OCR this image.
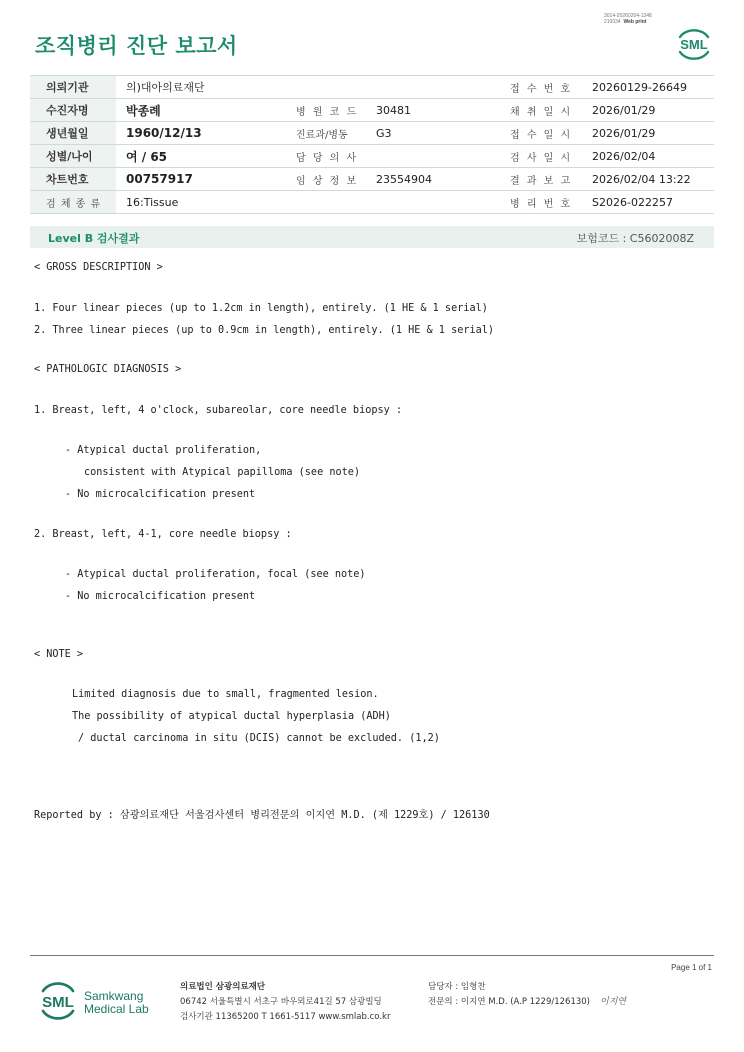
3014-20260204-1348
210034 Web print
조직병리 진단 보고서	SML
의뢰기관	의)대아의료재단			접 수 번 호	20260129-26649
수진자명	박종례	병 원 코 드	30481	채 취 일 시	2026/01/29
생년월일	1960/12/13	진료과/병동	G3	접 수 일 시	2026/01/29
성별/나이	여 / 65	담 당 의 사		검 사 일 시	2026/02/04
차트번호	00757917	임 상 정 보	23554904	결 과 보 고	2026/02/04 13:22
검 체 종 류	16:Tissue			병 리 번 호	S2026-022257
Level B 검사결과	보험코드 : C5602008Z
< GROSS DESCRIPTION >
1. Four linear pieces (up to 1.2cm in length), entirely. (1 HE & 1 serial)
2. Three linear pieces (up to 0.9cm in length), entirely. (1 HE & 1 serial)
< PATHOLOGIC DIAGNOSIS >
1. Breast, left, 4 o'clock, subareolar, core needle biopsy :
- Atypical ductal proliferation,
consistent with Atypical papilloma (see note)
- No microcalcification present
2. Breast, left, 4-1, core needle biopsy :
- Atypical ductal proliferation, focal (see note)
- No microcalcification present
< NOTE >
Limited diagnosis due to small, fragmented lesion.
The possibility of atypical ductal hyperplasia (ADH)
/ ductal carcinoma in situ (DCIS) cannot be excluded. (1,2)
Reported by : 삼광의료재단 서울검사센터 병리전문의 이지연 M.D. (제 1229호) / 126130
Page 1 of 1
SML Samkwang
Medical Lab
의료법인 삼광의료재단
06742 서울특별시 서초구 바우뫼로41길 57 삼광빌딩
검사기관 11365200 T 1661-5117 www.smlab.co.kr
담당자 : 임형찬
전문의 : 이지연 M.D. (A.P 1229/126130) 이지연
